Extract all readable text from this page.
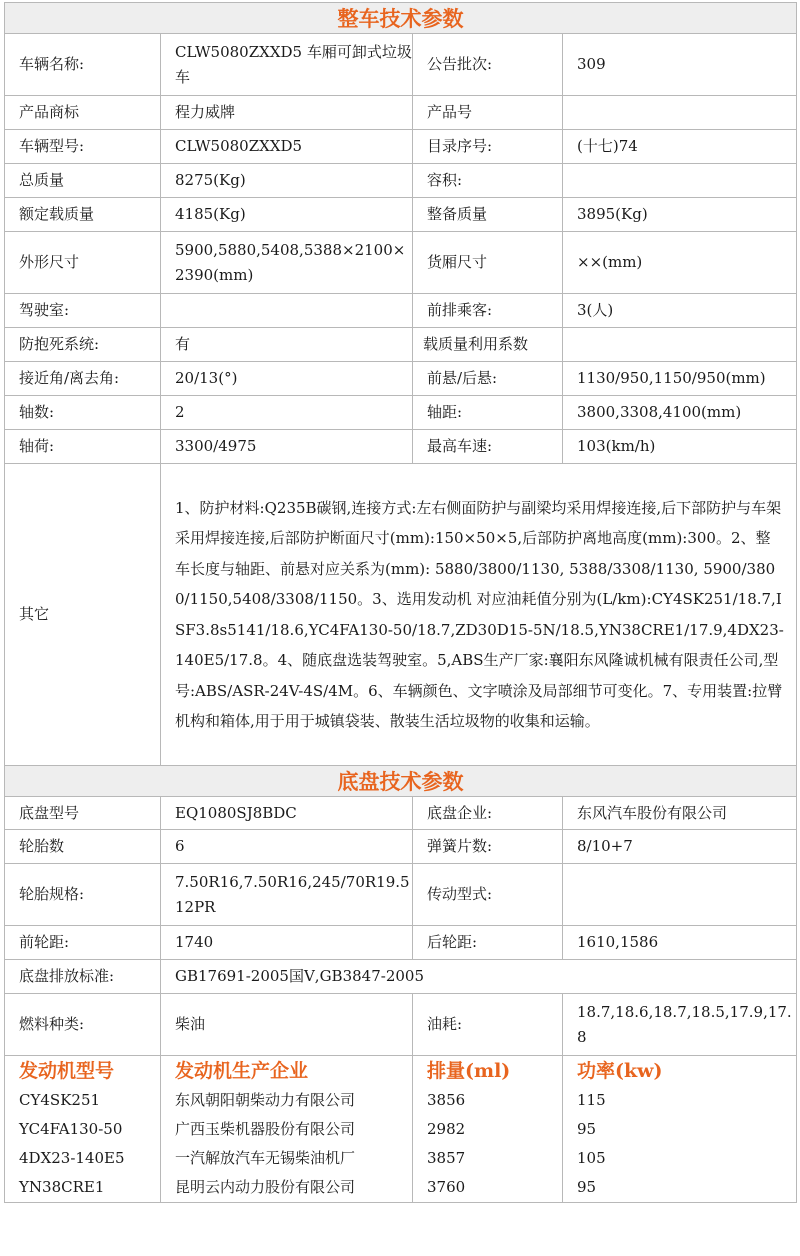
整车技术参数			
车辆名称:	CLW5080ZXXD5 车厢可卸式垃圾车	公告批次:	309
产品商标	程力威牌	产品号	
车辆型号:	CLW5080ZXXD5	目录序号:	(十七)74
总质量	8275(Kg)	容积:	
额定载质量	4185(Kg)	整备质量	3895(Kg)
外形尺寸	5900,5880,5408,5388×2100×2390(mm)	货厢尺寸	××(mm)
驾驶室:		前排乘客:	3(人)
防抱死系统:	有	载质量利用系数	
接近角/离去角:	20/13(°)	前悬/后悬:	1130/950,1150/950(mm)
轴数:	2	轴距:	3800,3308,4100(mm)
轴荷:	3300/4975	最高车速:	103(km/h)
其它	1、防护材料:Q235B碳钢,连接方式:左右侧面防护与副梁均采用焊接连接,后下部防护与车架采用焊接连接,后部防护断面尺寸(mm):150×50×5,后部防护离地高度(mm):300。2、整车长度与轴距、前悬对应关系为(mm): 5880/3800/1130, 5388/3308/1130, 5900/3800/1150,5408/3308/1150。3、选用发动机 对应油耗值分别为(L/km):CY4SK251/18.7,ISF3.8s5141/18.6,YC4FA130-50/18.7,ZD30D15-5N/18.5,YN38CRE1/17.9,4DX23-140E5/17.8。4、随底盘选装驾驶室。5,ABS生产厂家:襄阳东风隆诚机械有限责任公司,型号:ABS/ASR-24V-4S/4M。6、车辆颜色、文字喷涂及局部细节可变化。7、专用装置:拉臂机构和箱体,用于用于城镇袋装、散装生活垃圾物的收集和运输。		
底盘技术参数			
底盘型号	EQ1080SJ8BDC	底盘企业:	东风汽车股份有限公司
轮胎数	6	弹簧片数:	8/10+7
轮胎规格:	7.50R16,7.50R16,245/70R19.5 12PR	传动型式:	
前轮距:	1740	后轮距:	1610,1586
底盘排放标准:	GB17691-2005国Ⅴ,GB3847-2005		
燃料种类:	柴油	油耗:	18.7,18.6,18.7,18.5,17.9,17.8
发动机型号	发动机生产企业	排量(ml)	功率(kw)
CY4SK251	东风朝阳朝柴动力有限公司	3856	115
YC4FA130-50	广西玉柴机器股份有限公司	2982	95
4DX23-140E5	一汽解放汽车无锡柴油机厂	3857	105
YN38CRE1	昆明云内动力股份有限公司	3760	95
